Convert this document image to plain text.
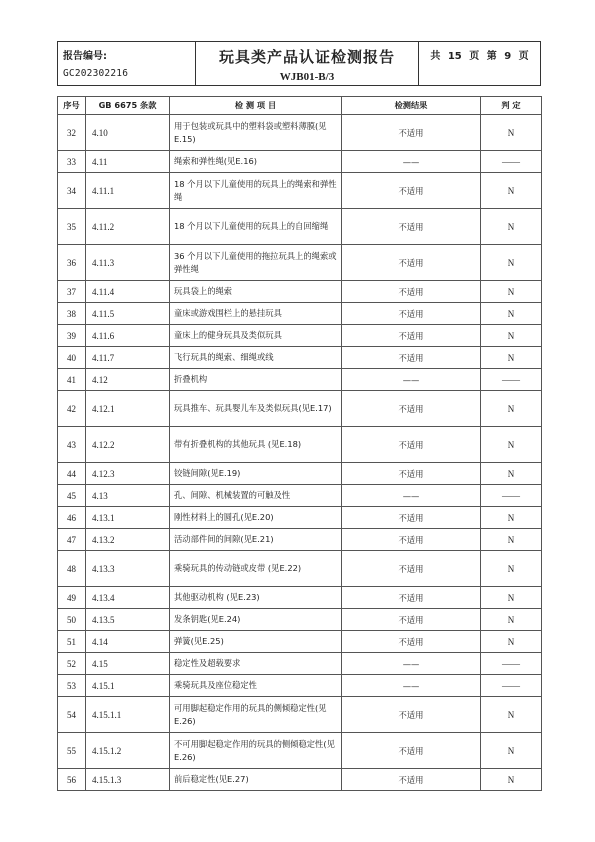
报告编号:
GC202302216
玩具类产品认证检测报告
WJB01-B/3
共 15 页 第 9 页
序号	GB 6675 条款	检 测 项 目	检测结果	判 定
32	4.10	用于包装或玩具中的塑料袋或塑料薄膜(见E.15)	不适用	N
33	4.11	绳索和弹性绳(见E.16)	——	——
34	4.11.1	18 个月以下儿童使用的玩具上的绳索和弹性绳	不适用	N
35	4.11.2	18 个月以下儿童使用的玩具上的自回缩绳	不适用	N
36	4.11.3	36 个月以下儿童使用的拖拉玩具上的绳索或弹性绳	不适用	N
37	4.11.4	玩具袋上的绳索	不适用	N
38	4.11.5	童床或游戏围栏上的悬挂玩具	不适用	N
39	4.11.6	童床上的健身玩具及类似玩具	不适用	N
40	4.11.7	飞行玩具的绳索、细绳或线	不适用	N
41	4.12	折叠机构	——	——
42	4.12.1	玩具推车、玩具婴儿车及类似玩具(见E.17)	不适用	N
43	4.12.2	带有折叠机构的其他玩具 (见E.18)	不适用	N
44	4.12.3	铰链间隙(见E.19)	不适用	N
45	4.13	孔、间隙、机械装置的可触及性	——	——
46	4.13.1	刚性材料上的圆孔(见E.20)	不适用	N
47	4.13.2	活动部件间的间隙(见E.21)	不适用	N
48	4.13.3	乘骑玩具的传动链或皮带 (见E.22)	不适用	N
49	4.13.4	其他驱动机构 (见E.23)	不适用	N
50	4.13.5	发条钥匙(见E.24)	不适用	N
51	4.14	弹簧(见E.25)	不适用	N
52	4.15	稳定性及超载要求	——	——
53	4.15.1	乘骑玩具及座位稳定性	——	——
54	4.15.1.1	可用脚起稳定作用的玩具的侧倾稳定性(见E.26)	不适用	N
55	4.15.1.2	不可用脚起稳定作用的玩具的侧倾稳定性(见E.26)	不适用	N
56	4.15.1.3	前后稳定性(见E.27)	不适用	N
